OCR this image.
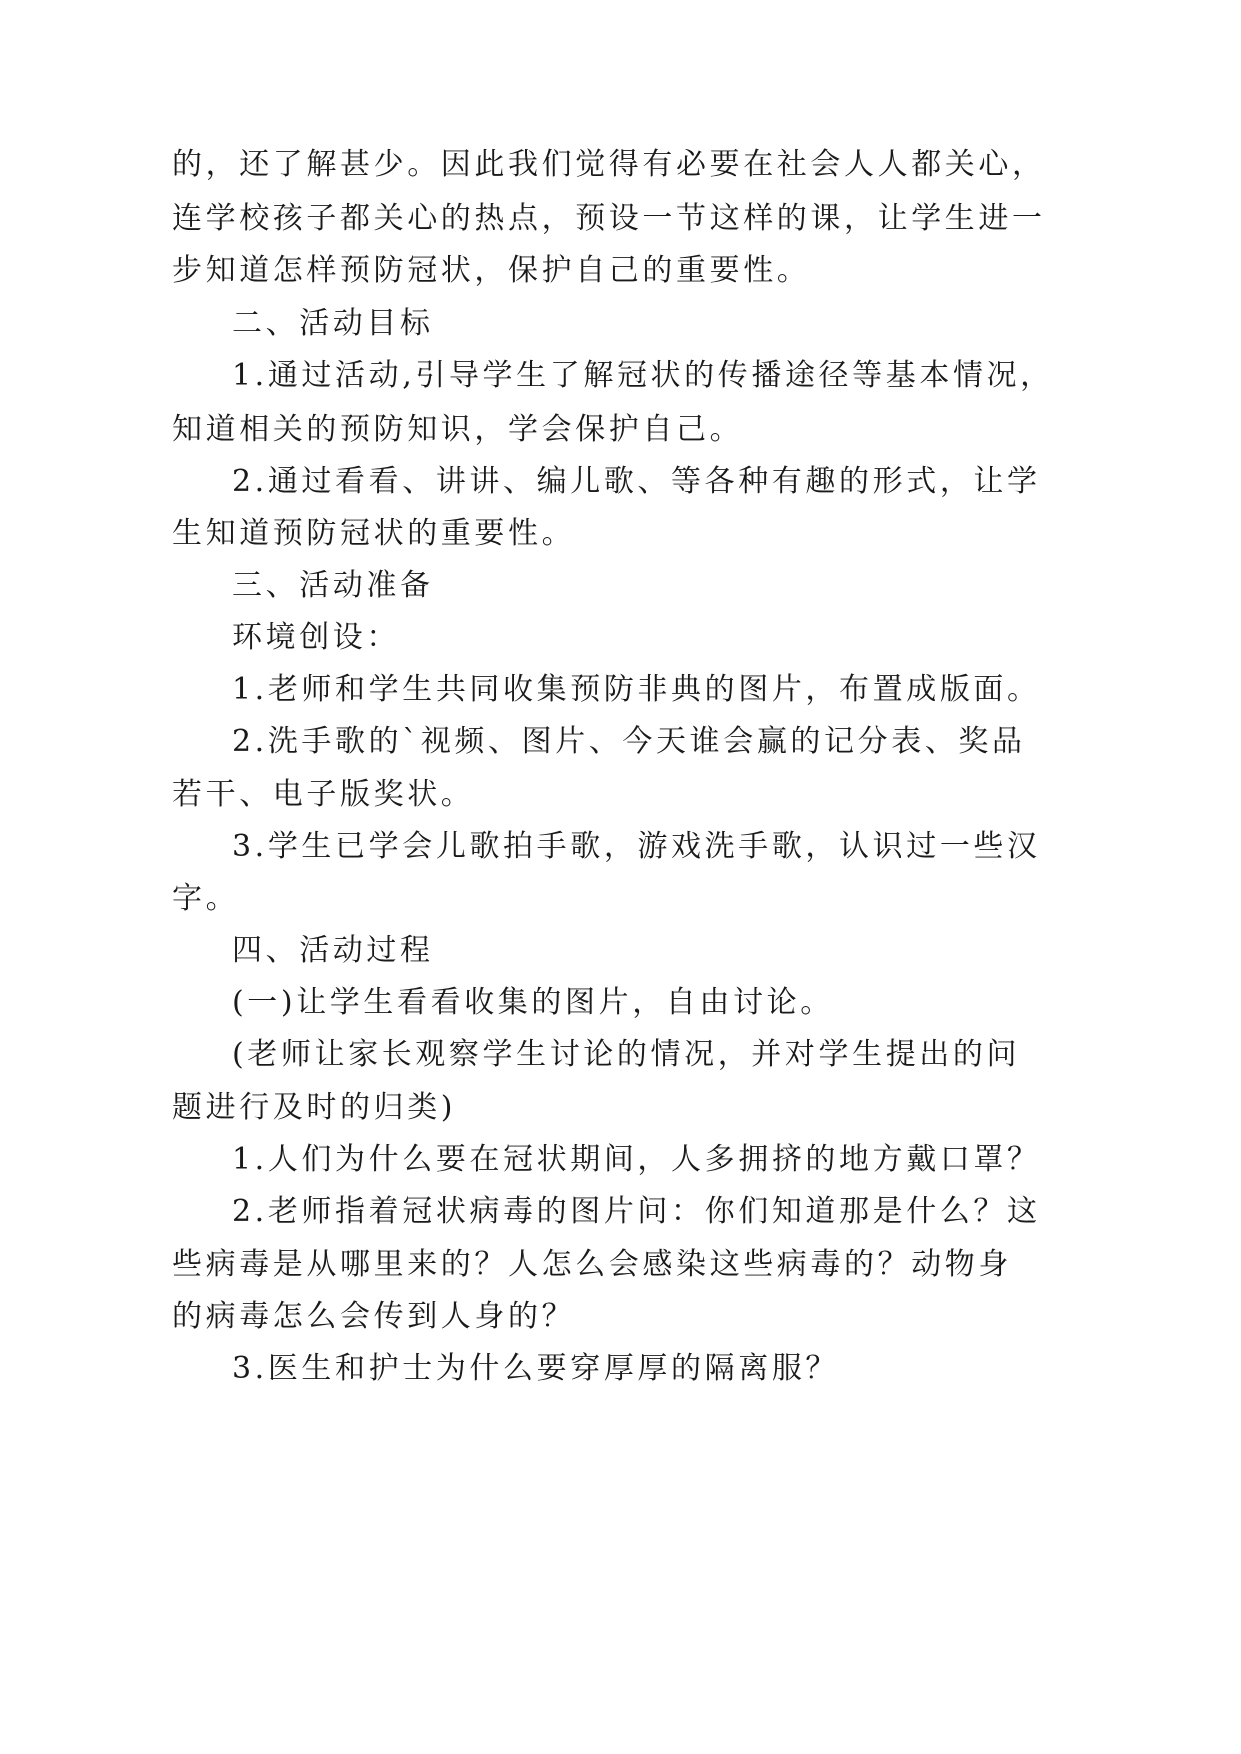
的，还了解甚少。因此我们觉得有必要在社会人人都关心，
连学校孩子都关心的热点，预设一节这样的课，让学生进一
步知道怎样预防冠状，保护自己的重要性。
二、活动目标
1.通过活动,引导学生了解冠状的传播途径等基本情况，
知道相关的预防知识，学会保护自己。
2.通过看看、讲讲、编儿歌、等各种有趣的形式，让学
生知道预防冠状的重要性。
三、活动准备
环境创设：
1.老师和学生共同收集预防非典的图片，布置成版面。
2.洗手歌的`视频、图片、今天谁会赢的记分表、奖品
若干、电子版奖状。
3.学生已学会儿歌拍手歌，游戏洗手歌，认识过一些汉
字。
四、活动过程
(一)让学生看看收集的图片，自由讨论。
(老师让家长观察学生讨论的情况，并对学生提出的问
题进行及时的归类)
1.人们为什么要在冠状期间，人多拥挤的地方戴口罩？
2.老师指着冠状病毒的图片问：你们知道那是什么？这
些病毒是从哪里来的？人怎么会感染这些病毒的？动物身
的病毒怎么会传到人身的？
3.医生和护士为什么要穿厚厚的隔离服？
